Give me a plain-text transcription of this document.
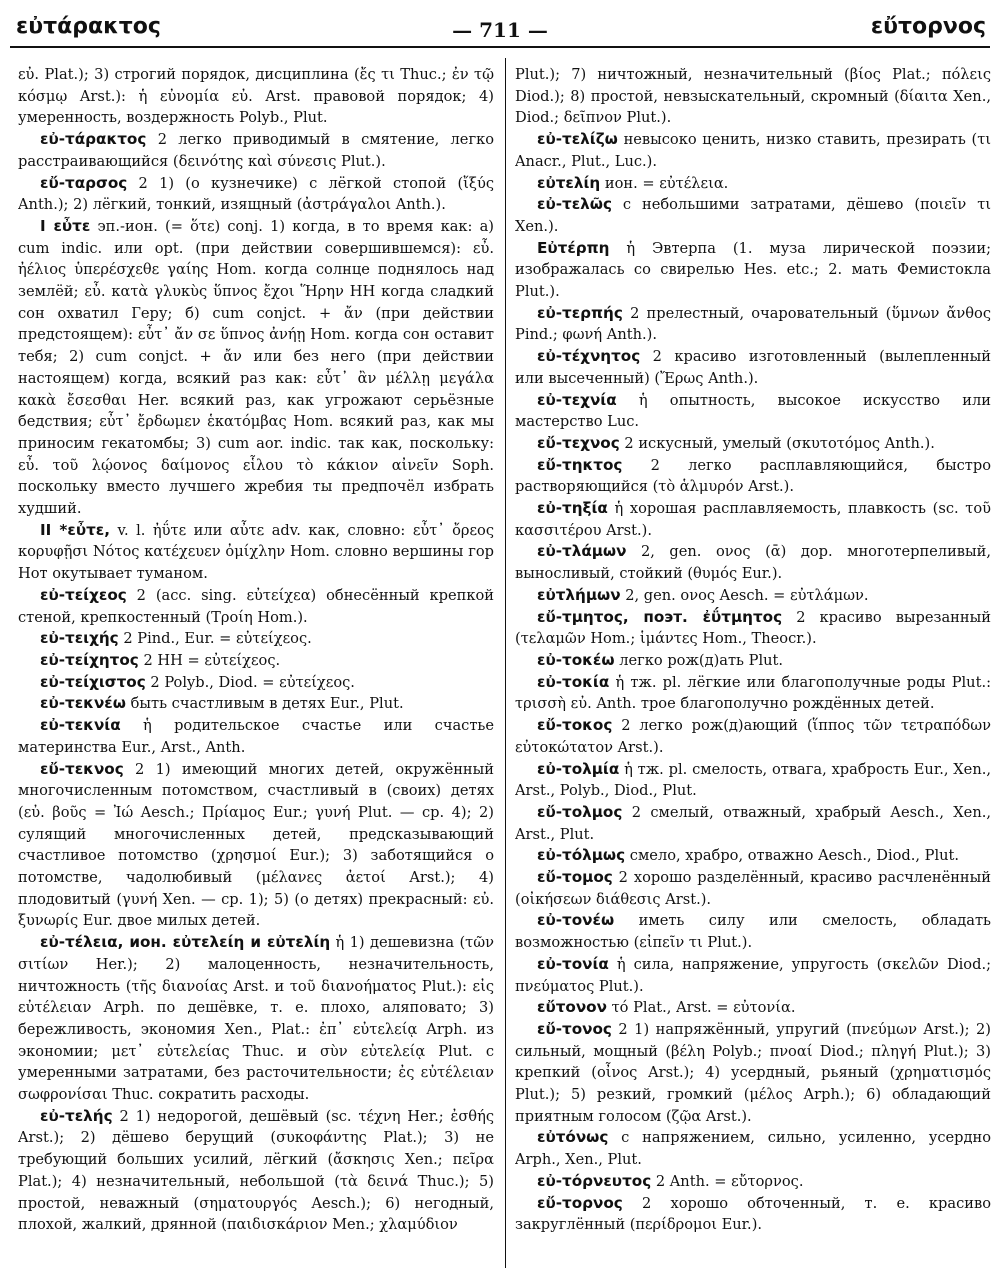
εὐτάρακτος	— 711 —	εὔτορνος

εὐ. Plat.); 3) строгий порядок, дисциплина (ἔς τι Thuc.; ἐν τῷ κόσμῳ Arst.): ἡ εὐνομία εὐ. Arst. правовой порядок; 4) умеренность, воздержность Polyb., Plut.

εὐ-τάρακτος 2 легко приводимый в смятение, легко расстраивающийся (δεινότης καὶ σύνεσις Plut.).

εὔ-ταρσος 2 1) (о кузнечике) с лёгкой стопой (ἴξύς Anth.); 2) лёгкий, тонкий, изящный (ἀστράγαλοι Anth.).

I εὖτε эп.-ион. (= ὅτε) conj. 1) когда, в то время как: а) cum indic. или opt. (при действии совершившемся): εὖ. ἠέλιος ὑπερέσχεθε γαίης Hom. когда солнце поднялось над землёй; εὖ. κατὰ γλυκὺς ὕπνος ἔχοι Ἥρην HH когда сладкий сон охватил Геру; б) cum conjct. + ἄν (при действии предстоящем): εὖτ᾽ ἄν σε ὕπνος ἀνήῃ Hom. когда сон оставит тебя; 2) cum conjct. + ἄν или без него (при действии настоящем) когда, всякий раз как: εὖτ᾽ ἂν μέλλῃ μεγάλα κακὰ ἔσεσθαι Her. всякий раз, как угрожают серьёзные бедствия; εὖτ᾽ ἔρδωμεν ἑκατόμβας Hom. всякий раз, как мы приносим гекатомбы; 3) cum aor. indic. так как, поскольку: εὖ. τοῦ λῴονος δαίμονος εἷλου τὸ κάκιον αἰνεῖν Soph. поскольку вместо лучшего жребия ты предпочёл избрать худший.

II *εὖτε, v. l. ἠΰτε или αὖτε adv. как, словно: εὖτ᾽ ὄρεος κορυφῇσι Νότος κατέχευεν ὀμίχλην Hom. словно вершины гор Нот окутывает туманом.

εὐ-τείχεος 2 (acc. sing. εὐτείχεα) обнесённый крепкой стеной, крепкостенный (Τροίη Hom.).

εὐ-τειχής 2 Pind., Eur. = εὐτείχεος.

εὐ-τείχητος 2 HH = εὐτείχεος.

εὐ-τείχιστος 2 Polyb., Diod. = εὐτείχεος.

εὐ-τεκνέω быть счастливым в детях Eur., Plut.

εὐ-τεκνία ἡ родительское счастье или счастье материнства Eur., Arst., Anth.

εὔ-τεκνος 2 1) имеющий многих детей, окружённый многочисленным потомством, счастливый в (своих) детях (εὐ. βοῦς = Ἰώ Aesch.; Πρίαμος Eur.; γυνή Plut. — ср. 4); 2) сулящий многочисленных детей, предсказывающий счастливое потомство (χρησμοί Eur.); 3) заботящийся о потомстве, чадолюбивый (μέλανες ἀετοί Arst.); 4) плодовитый (γυνή Xen. — ср. 1); 5) (о детях) прекрасный: εὐ. ξυνωρίς Eur. двое милых детей.

εὐ-τέλεια, ион. εὐτελείη и εὐτελίη ἡ 1) дешевизна (τῶν σιτίων Her.); 2) малоценность, незначительность, ничтожность (τῆς διανοίας Arst. и τοῦ διανοήματος Plut.): εἰς εὐτέλειαν Arph. по дешёвке, т. е. плохо, аляповато; 3) бережливость, экономия Xen., Plat.: ἐπ᾽ εὐτελείᾳ Arph. из экономии; μετ᾽ εὐτελείας Thuc. и σὺν εὐτελείᾳ Plut. с умеренными затратами, без расточительности; ἐς εὐτέλειαν σωφρονίσαι Thuc. сократить расходы.

εὐ-τελής 2 1) недорогой, дешёвый (sc. τέχνη Her.; ἐσθής Arst.); 2) дёшево берущий (συκοφάντης Plat.); 3) не требующий больших усилий, лёгкий (ἄσκησις Xen.; πεῖρα Plat.); 4) незначительный, небольшой (τὰ δεινά Thuc.); 5) простой, неважный (σηματουργός Aesch.); 6) негодный, плохой, жалкий, дрянной (παιδισκάριον Men.; χλαμύδιον

Plut.); 7) ничтожный, незначительный (βίος Plat.; πόλεις Diod.); 8) простой, невзыскательный, скромный (δίαιτα Xen., Diod.; δεῖπνον Plut.).

εὐ-τελίζω невысоко ценить, низко ставить, презирать (τι Anacr., Plut., Luc.).

εὐτελίη ион. = εὐτέλεια.

εὐ-τελῶς с небольшими затратами, дёшево (ποιεῖν τι Xen.).

Εὐτέρπη ἡ Эвтерпа (1. муза лирической поэзии; изображалась со свирелью Hes. etc.; 2. мать Фемистокла Plut.).

εὐ-τερπής 2 прелестный, очаровательный (ὕμνων ἄνθος Pind.; φωνή Anth.).

εὐ-τέχνητος 2 красиво изготовленный (вылепленный или высеченный) (Ἔρως Anth.).

εὐ-τεχνία ἡ опытность, высокое искусство или мастерство Luc.

εὔ-τεχνος 2 искусный, умелый (σκυτοτόμος Anth.).

εὔ-τηκτος 2 легко расплавляющийся, быстро растворяющийся (τὸ ἁλμυρόν Arst.).

εὐ-τηξία ἡ хорошая расплавляемость, плавкость (sc. τοῦ κασσιτέρου Arst.).

εὐ-τλάμων 2, gen. ονος (ᾱ) дор. многотерпеливый, выносливый, стойкий (θυμός Eur.).

εὐτλήμων 2, gen. ονος Aesch. = εὐτλάμων.

εὔ-τμητος, поэт. ἐΰτμητος 2 красиво вырезанный (τελαμῶν Hom.; ἱμάντες Hom., Theocr.).

εὐ-τοκέω легко рож(д)ать Plut.

εὐ-τοκία ἡ тж. pl. лёгкие или благополучные роды Plut.: τρισσὴ εὐ. Anth. трое благополучно рождённых детей.

εὔ-τοκος 2 легко рож(д)ающий (ἵππος τῶν τετραπόδων εὐτοκώτατον Arst.).

εὐ-τολμία ἡ тж. pl. смелость, отвага, храбрость Eur., Xen., Arst., Polyb., Diod., Plut.

εὔ-τολμος 2 смелый, отважный, храбрый Aesch., Xen., Arst., Plut.

εὐ-τόλμως смело, храбро, отважно Aesch., Diod., Plut.

εὔ-τομος 2 хорошо разделённый, красиво расчленённый (οἰκήσεων διάθεσις Arst.).

εὐ-τονέω иметь силу или смелость, обладать возможностью (εἰπεῖν τι Plut.).

εὐ-τονία ἡ сила, напряжение, упругость (σκελῶν Diod.; πνεύματος Plut.).

εὔτονον τό Plat., Arst. = εὐτονία.

εὔ-τονος 2 1) напряжённый, упругий (πνεύμων Arst.); 2) сильный, мощный (βέλη Polyb.; πνοαί Diod.; πληγή Plut.); 3) крепкий (οἶνος Arst.); 4) усердный, рьяный (χρηματισμός Plut.); 5) резкий, громкий (μέλος Arph.); 6) обладающий приятным голосом (ζῷα Arst.).

εὐτόνως с напряжением, сильно, усиленно, усердно Arph., Xen., Plut.

εὐ-τόρνευτος 2 Anth. = εὔτορνος.

εὔ-τορνος 2 хорошо обточенный, т. е. красиво закруглённый (περίδρομοι Eur.).
